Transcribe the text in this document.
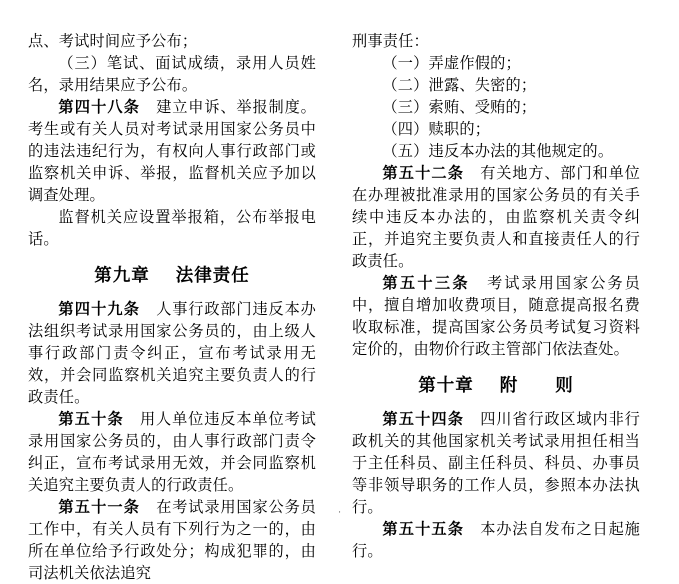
点、考试时间应予公布；

（三）笔试、面试成绩，录用人员姓名，录用结果应予公布。

第四十八条　建立申诉、举报制度。考生或有关人员对考试录用国家公务员中的违法违纪行为，有权向人事行政部门或监察机关申诉、举报，监督机关应予加以调查处理。

监督机关应设置举报箱，公布举报电话。

第九章 法律责任

第四十九条　人事行政部门违反本办法组织考试录用国家公务员的，由上级人事行政部门责令纠正，宣布考试录用无效，并会同监察机关追究主要负责人的行政责任。

第五十条　用人单位违反本单位考试录用国家公务员的，由人事行政部门责令纠正，宣布考试录用无效，并会同监察机关追究主要负责人的行政责任。

第五十一条　在考试录用国家公务员工作中，有关人员有下列行为之一的，由所在单位给予行政处分；构成犯罪的，由司法机关依法追究

刑事责任：

（一）弄虚作假的；

（二）泄露、失密的；

（三）索贿、受贿的；

（四）赎职的；

（五）违反本办法的其他规定的。

第五十二条　有关地方、部门和单位在办理被批准录用的国家公务员的有关手续中违反本办法的，由监察机关责令纠正，并追究主要负责人和直接责任人的行政责任。

第五十三条　考试录用国家公务员中，擅自增加收费项目，随意提高报名费收取标准，提高国家公务员考试复习资料定价的，由物价行政主管部门依法查处。

第十章 附　　则

第五十四条　四川省行政区域内非行政机关的其他国家机关考试录用担任相当于主任科员、副主任科员、科员、办事员等非领导职务的工作人员，参照本办法执行。

第五十五条　本办法自发布之日起施行。

·
